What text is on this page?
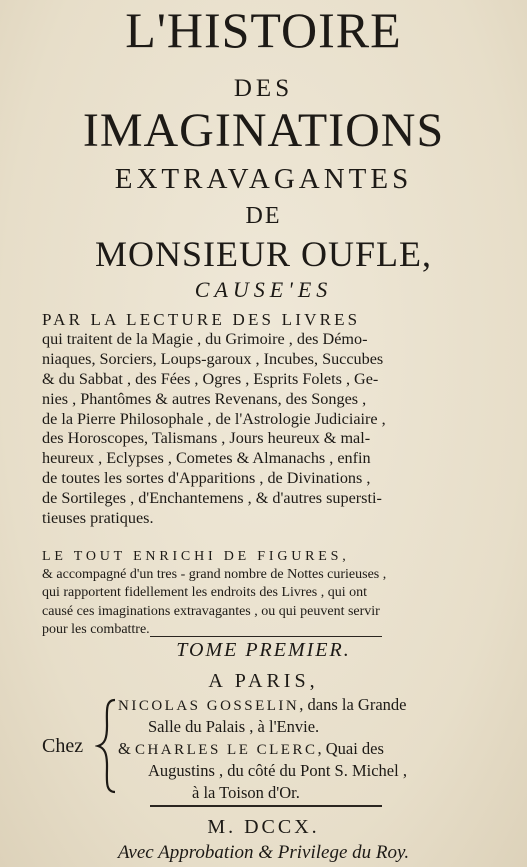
L'HISTOIRE
DES
IMAGINATIONS
EXTRAVAGANTES
DE
MONSIEUR OUFLE,
CAUSE'ES
PAR LA LECTURE DES LIVRES
qui traitent de la Magie , du Grimoire , des Démo-
niaques, Sorciers, Loups-garoux , Incubes, Succubes
& du Sabbat , des Fées , Ogres , Esprits Folets , Ge-
nies , Phantômes & autres Revenans, des Songes ,
de la Pierre Philosophale , de l'Astrologie Judiciaire ,
des Horoscopes, Talismans , Jours heureux & mal-
heureux , Eclypses , Cometes & Almanachs , enfin
de toutes les sortes d'Apparitions , de Divinations ,
de Sortileges , d'Enchantemens , & d'autres supersti-
tieuses pratiques.
LE TOUT ENRICHI DE FIGURES,
& accompagné d'un tres - grand nombre de Nottes curieuses ,
qui rapportent fidellement les endroits des Livres , qui ont
causé ces imaginations extravagantes , ou qui peuvent servir
pour les combattre.
TOME PREMIER.
A PARIS,
Chez
NICOLAS GOSSELIN, dans la Grande
Salle du Palais , à l'Envie.
& CHARLES LE CLERC, Quai des
Augustins , du côté du Pont S. Michel ,
à la Toison d'Or.
M. DCCX.
Avec Approbation & Privilege du Roy.
